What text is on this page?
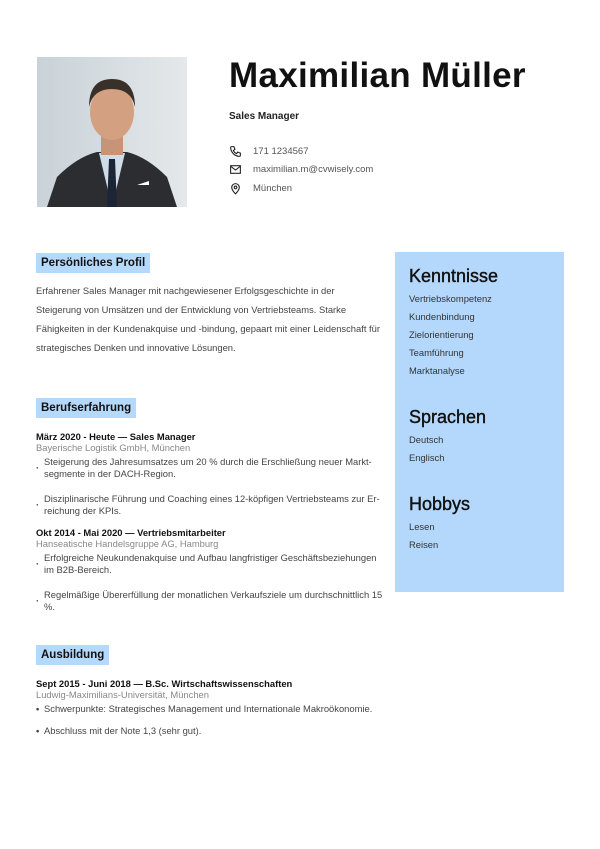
Maximilian Müller
Sales Manager
171 1234567
maximilian.m@cvwisely.com
München
Persönliches Profil
Erfahrener Sales Manager mit nachgewiesener Erfolgsgeschichte in der Steigerung von Umsätzen und der Entwicklung von Vertriebsteams. Starke Fähigkeiten in der Kundenakquise und -bindung, gepaart mit einer Leidenschaft für strategisches Denken und innovative Lösungen.
Berufserfahrung
März 2020 - Heute — Sales Manager
Bayerische Logistik GmbH, München
·
Steigerung des Jahresumsatzes um 20 % durch die Erschließung neuer Markt-segmente in der DACH-Region.
·
Disziplinarische Führung und Coaching eines 12-köpfigen Vertriebsteams zur Er-reichung der KPIs.
Okt 2014 - Mai 2020 — Vertriebsmitarbeiter
Hanseatische Handelsgruppe AG, Hamburg
·
Erfolgreiche Neukundenakquise und Aufbau langfristiger Geschäftsbeziehungen im B2B-Bereich.
·
Regelmäßige Übererfüllung der monatlichen Verkaufsziele um durchschnittlich 15 %.
Ausbildung
Sept 2015 - Juni 2018 — B.Sc. Wirtschaftswissenschaften
Ludwig-Maximilians-Universität, München
• Schwerpunkte: Strategisches Management und Internationale Makroökonomie.
• Abschluss mit der Note 1,3 (sehr gut).
Kenntnisse
Vertriebskompetenz
Kundenbindung
Zielorientierung
Teamführung
Marktanalyse
Sprachen
Deutsch
Englisch
Hobbys
Lesen
Reisen
